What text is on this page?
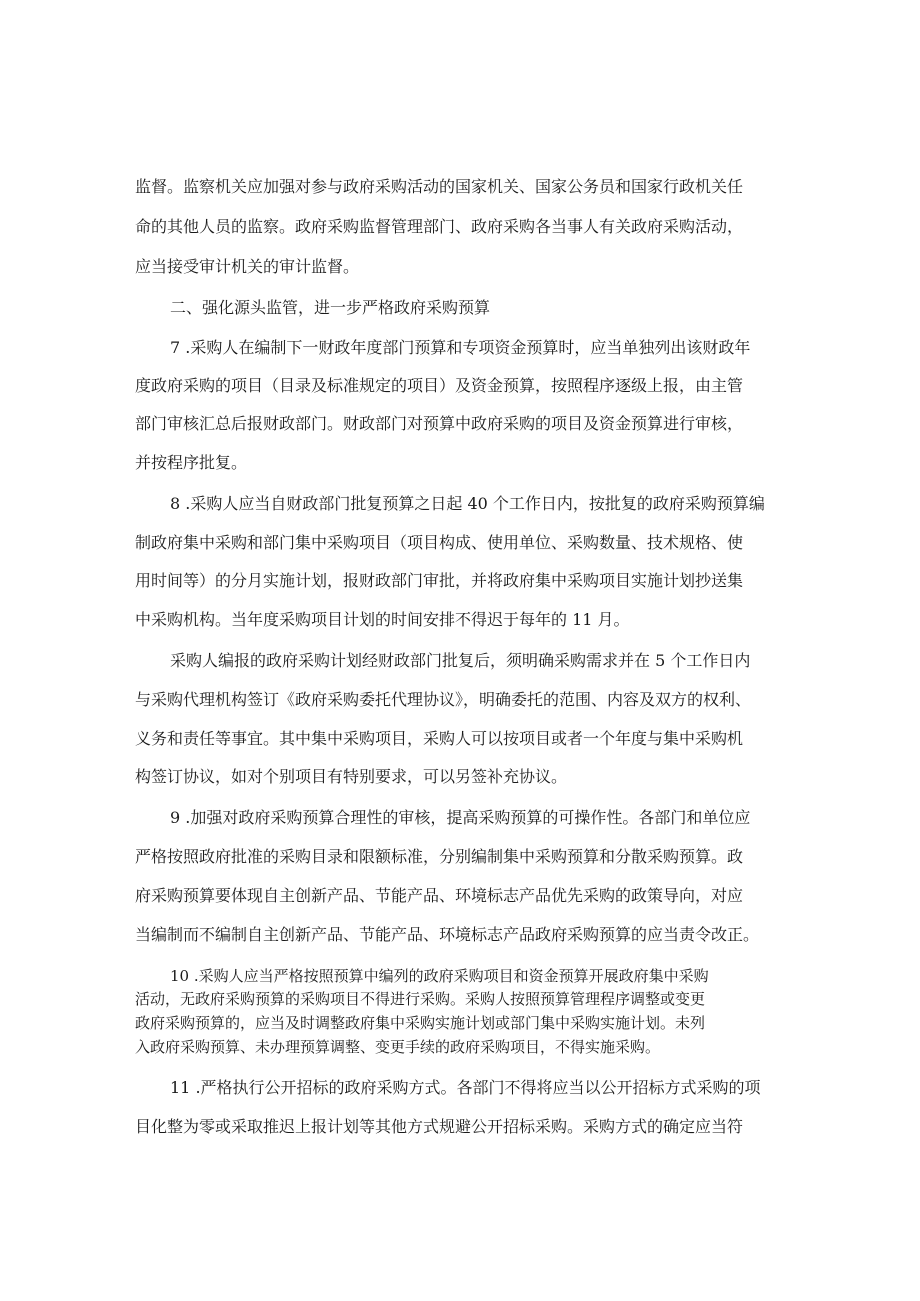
监督。监察机关应加强对参与政府采购活动的国家机关、国家公务员和国家行政机关任
命的其他人员的监察。政府采购监督管理部门、政府采购各当事人有关政府采购活动，
应当接受审计机关的审计监督。
二、强化源头监管，进一步严格政府采购预算
7 .采购人在编制下一财政年度部门预算和专项资金预算时，应当单独列出该财政年
度政府采购的项目（目录及标准规定的项目）及资金预算，按照程序逐级上报，由主管
部门审核汇总后报财政部门。财政部门对预算中政府采购的项目及资金预算进行审核，
并按程序批复。
8 .采购人应当自财政部门批复预算之日起 40 个工作日内，按批复的政府采购预算编
制政府集中采购和部门集中采购项目（项目构成、使用单位、采购数量、技术规格、使
用时间等）的分月实施计划，报财政部门审批，并将政府集中采购项目实施计划抄送集
中采购机构。当年度采购项目计划的时间安排不得迟于每年的 11 月。
采购人编报的政府采购计划经财政部门批复后，须明确采购需求并在 5 个工作日内
与采购代理机构签订《政府采购委托代理协议》，明确委托的范围、内容及双方的权利、
义务和责任等事宜。其中集中采购项目，采购人可以按项目或者一个年度与集中采购机
构签订协议，如对个别项目有特别要求，可以另签补充协议。
9 .加强对政府采购预算合理性的审核，提高采购预算的可操作性。各部门和单位应
严格按照政府批准的采购目录和限额标准，分别编制集中采购预算和分散采购预算。政
府采购预算要体现自主创新产品、节能产品、环境标志产品优先采购的政策导向，对应
当编制而不编制自主创新产品、节能产品、环境标志产品政府采购预算的应当责令改正。
10 .采购人应当严格按照预算中编列的政府采购项目和资金预算开展政府集中采购
活动，无政府采购预算的采购项目不得进行采购。采购人按照预算管理程序调整或变更
政府采购预算的，应当及时调整政府集中采购实施计划或部门集中采购实施计划。未列
入政府采购预算、未办理预算调整、变更手续的政府采购项目，不得实施采购。
11 .严格执行公开招标的政府采购方式。各部门不得将应当以公开招标方式采购的项
目化整为零或采取推迟上报计划等其他方式规避公开招标采购。采购方式的确定应当符
